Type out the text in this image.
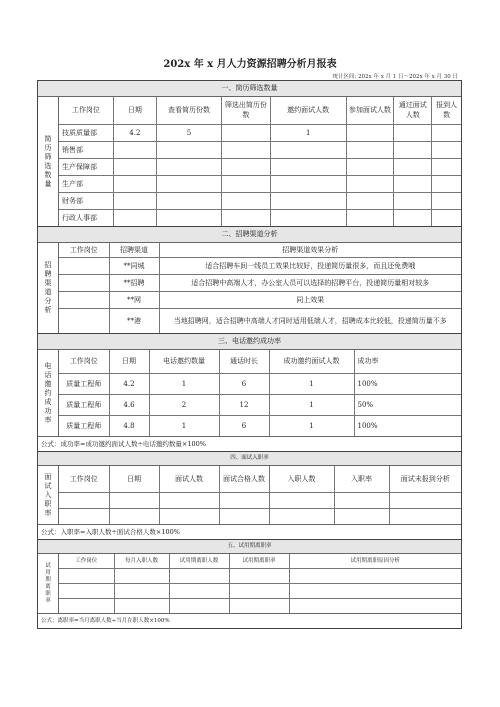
202x 年 x 月人力资源招聘分析月报表
统计区间: 202x 年 x 月 1 日～202x 年 x 月 30 日
一、简历筛选数量
简历筛选数量
工作岗位	日期	查看简历份数	筛选出简历份数	邀约面试人数	参加面试人数	通过面试人数	报到人数
技质质量部	4.2	5		1			
销售部							
生产保障部							
生产部							
财务部							
行政人事部							
二、招聘渠道分析
招聘渠道分析
工作岗位	招聘渠道	招聘渠道效果分析
	**同城	适合招聘车间一线员工效果比较好，投递简历量很多，而且还免费哦
	**招聘	适合招聘中高端人才，办公室人员可以选择的招聘平台，投递简历量相对较多
	**网	同上效果
	**港	当地招聘网，适合招聘中高端人才同时适用低端人才，招聘成本比较低，投递简历量不多
三、电话邀约成功率
电话邀约成功率
工作岗位	日期	电话邀约数量	通话时长	成功邀约面试人数	成功率
质量工程师	4.2	1	6	1	100%
质量工程师	4.6	2	12	1	50%
质量工程师	4.8	1	6	1	100%
公式：成功率=成功邀约面试人数÷电话邀约数量×100%
四、面试入职率
面试入职率
工作岗位	日期	面试人数	面试合格人数	入职人数	入职率	面试未报到分析

公式：入职率=入职人数÷面试合格人数×100%
五、试用期离职率
试用期离职率
工作岗位	每月入职人数	试用期离职人数	试用期离职率	试用期离职原因分析

公式：离职率=当月离职人数÷当月在职人数×100%
